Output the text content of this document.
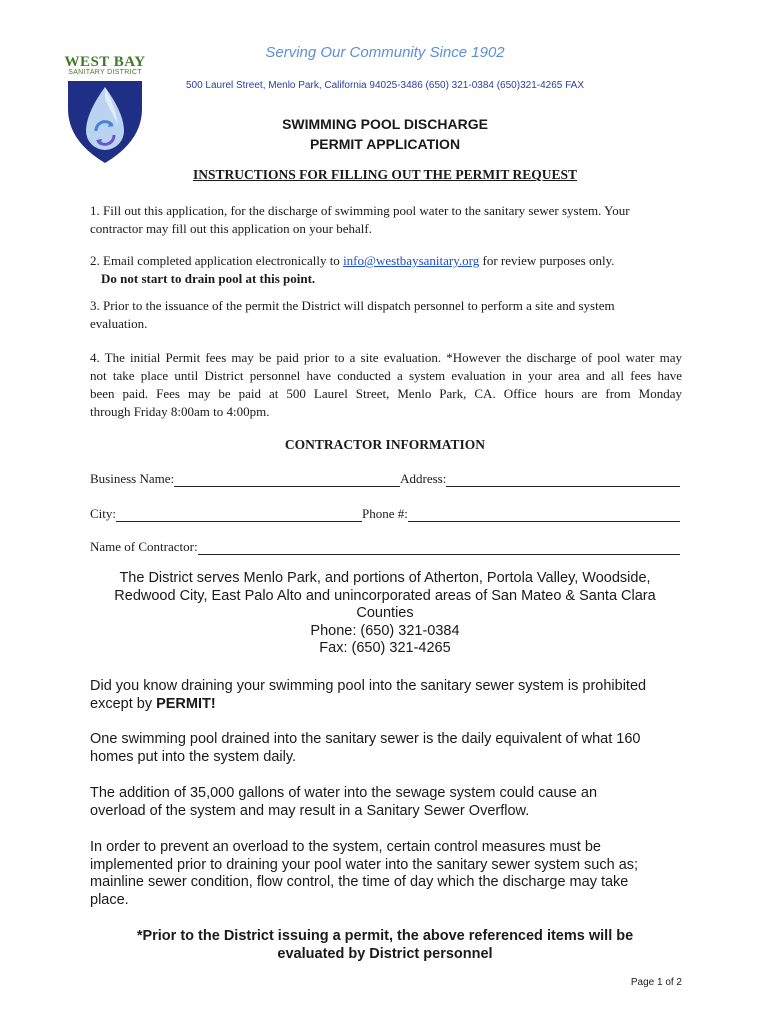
WEST BAY
SANITARY DISTRICT
Serving Our Community Since 1902
500 Laurel Street, Menlo Park, California 94025-3486 (650) 321-0384 (650)321-4265 FAX
SWIMMING POOL DISCHARGE
PERMIT APPLICATION
INSTRUCTIONS FOR FILLING OUT THE PERMIT REQUEST
1. Fill out this application, for the discharge of swimming pool water to the sanitary sewer system. Your
contractor may fill out this application on your behalf.
2. Email completed application electronically to info@westbaysanitary.org for review purposes only.
Do not start to drain pool at this point.
3. Prior to the issuance of the permit the District will dispatch personnel to perform a site and system
evaluation.
4. The initial Permit fees may be paid prior to a site evaluation. *However the discharge of pool water may
not take place until District personnel have conducted a system evaluation in your area and all fees have
been paid. Fees may be paid at 500 Laurel Street, Menlo Park, CA. Office hours are from Monday
through Friday 8:00am to 4:00pm.
CONTRACTOR INFORMATION
Business Name:	Address:
City:	Phone #:
Name of Contractor:
The District serves Menlo Park, and portions of Atherton, Portola Valley, Woodside,
Redwood City, East Palo Alto and unincorporated areas of San Mateo & Santa Clara
Counties
Phone: (650) 321-0384
Fax: (650) 321-4265
Did you know draining your swimming pool into the sanitary sewer system is prohibited
except by PERMIT!
One swimming pool drained into the sanitary sewer is the daily equivalent of what 160
homes put into the system daily.
The addition of 35,000 gallons of water into the sewage system could cause an
overload of the system and may result in a Sanitary Sewer Overflow.
In order to prevent an overload to the system, certain control measures must be
implemented prior to draining your pool water into the sanitary sewer system such as;
mainline sewer condition, flow control, the time of day which the discharge may take
place.
*Prior to the District issuing a permit, the above referenced items will be
evaluated by District personnel
Page 1 of 2
